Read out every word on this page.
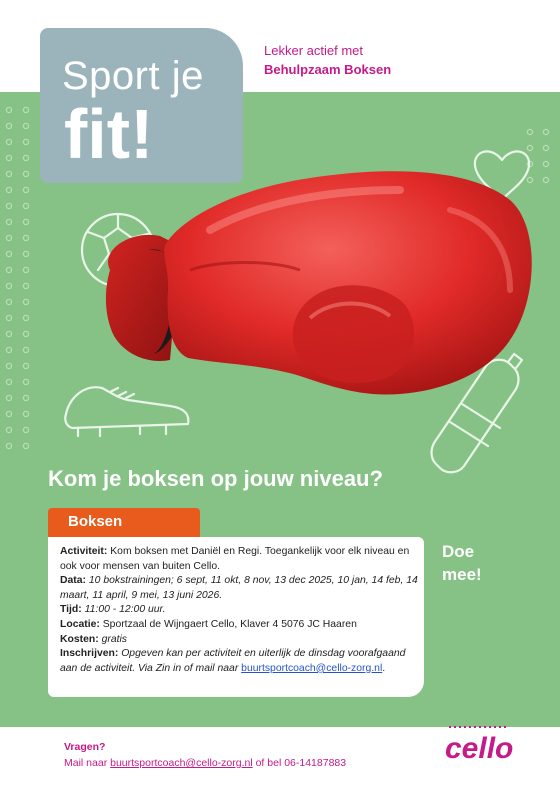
Sport je
fit!
Lekker actief met
Behulpzaam Boksen
Kom je boksen op jouw niveau?
Boksen

Activiteit: Kom boksen met Daniël en Regi. Toegankelijk voor elk niveau en ook voor mensen van buiten Cello.

Data: 10 bokstrainingen; 6 sept, 11 okt, 8 nov, 13 dec 2025, 10 jan, 14 feb, 14 maart, 11 april, 9 mei, 13 juni 2026.

Tijd: 11:00 - 12:00 uur.

Locatie: Sportzaal de Wijngaert Cello, Klaver 4 5076 JC Haaren

Kosten: gratis

Inschrijven: Opgeven kan per activiteit en uiterlijk de dinsdag voorafgaand aan de activiteit. Via Zin in of mail naar buurtsportcoach@cello-zorg.nl.

Doe
mee!
cello
Vragen?
Mail naar buurtsportcoach@cello-zorg.nl of bel 06-14187883
